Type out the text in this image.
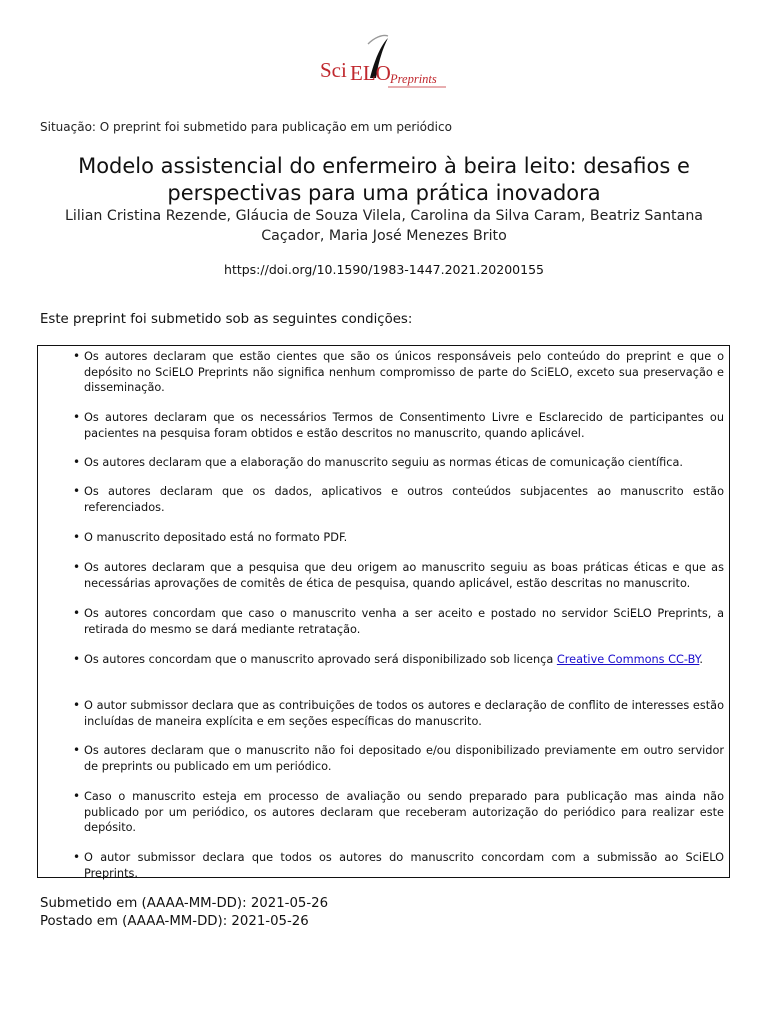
Sci ELO Preprints
Situação: O preprint foi submetido para publicação em um periódico
Modelo assistencial do enfermeiro à beira leito: desafios e perspectivas para uma prática inovadora
Lilian Cristina Rezende, Gláucia de Souza Vilela, Carolina da Silva Caram, Beatriz Santana Caçador, Maria José Menezes Brito
https://doi.org/10.1590/1983-1447.2021.20200155
Este preprint foi submetido sob as seguintes condições:
• Os autores declaram que estão cientes que são os únicos responsáveis pelo conteúdo do preprint e que o depósito no SciELO Preprints não significa nenhum compromisso de parte do SciELO, exceto sua preservação e disseminação.
• Os autores declaram que os necessários Termos de Consentimento Livre e Esclarecido de participantes ou pacientes na pesquisa foram obtidos e estão descritos no manuscrito, quando aplicável.
• Os autores declaram que a elaboração do manuscrito seguiu as normas éticas de comunicação científica.
• Os autores declaram que os dados, aplicativos e outros conteúdos subjacentes ao manuscrito estão referenciados.
• O manuscrito depositado está no formato PDF.
• Os autores declaram que a pesquisa que deu origem ao manuscrito seguiu as boas práticas éticas e que as necessárias aprovações de comitês de ética de pesquisa, quando aplicável, estão descritas no manuscrito.
• Os autores concordam que caso o manuscrito venha a ser aceito e postado no servidor SciELO Preprints, a retirada do mesmo se dará mediante retratação.
• Os autores concordam que o manuscrito aprovado será disponibilizado sob licença Creative Commons CC-BY.
• O autor submissor declara que as contribuições de todos os autores e declaração de conflito de interesses estão incluídas de maneira explícita e em seções específicas do manuscrito.
• Os autores declaram que o manuscrito não foi depositado e/ou disponibilizado previamente em outro servidor de preprints ou publicado em um periódico.
• Caso o manuscrito esteja em processo de avaliação ou sendo preparado para publicação mas ainda não publicado por um periódico, os autores declaram que receberam autorização do periódico para realizar este depósito.
• O autor submissor declara que todos os autores do manuscrito concordam com a submissão ao SciELO Preprints.
Submetido em (AAAA-MM-DD): 2021-05-26
Postado em (AAAA-MM-DD): 2021-05-26
